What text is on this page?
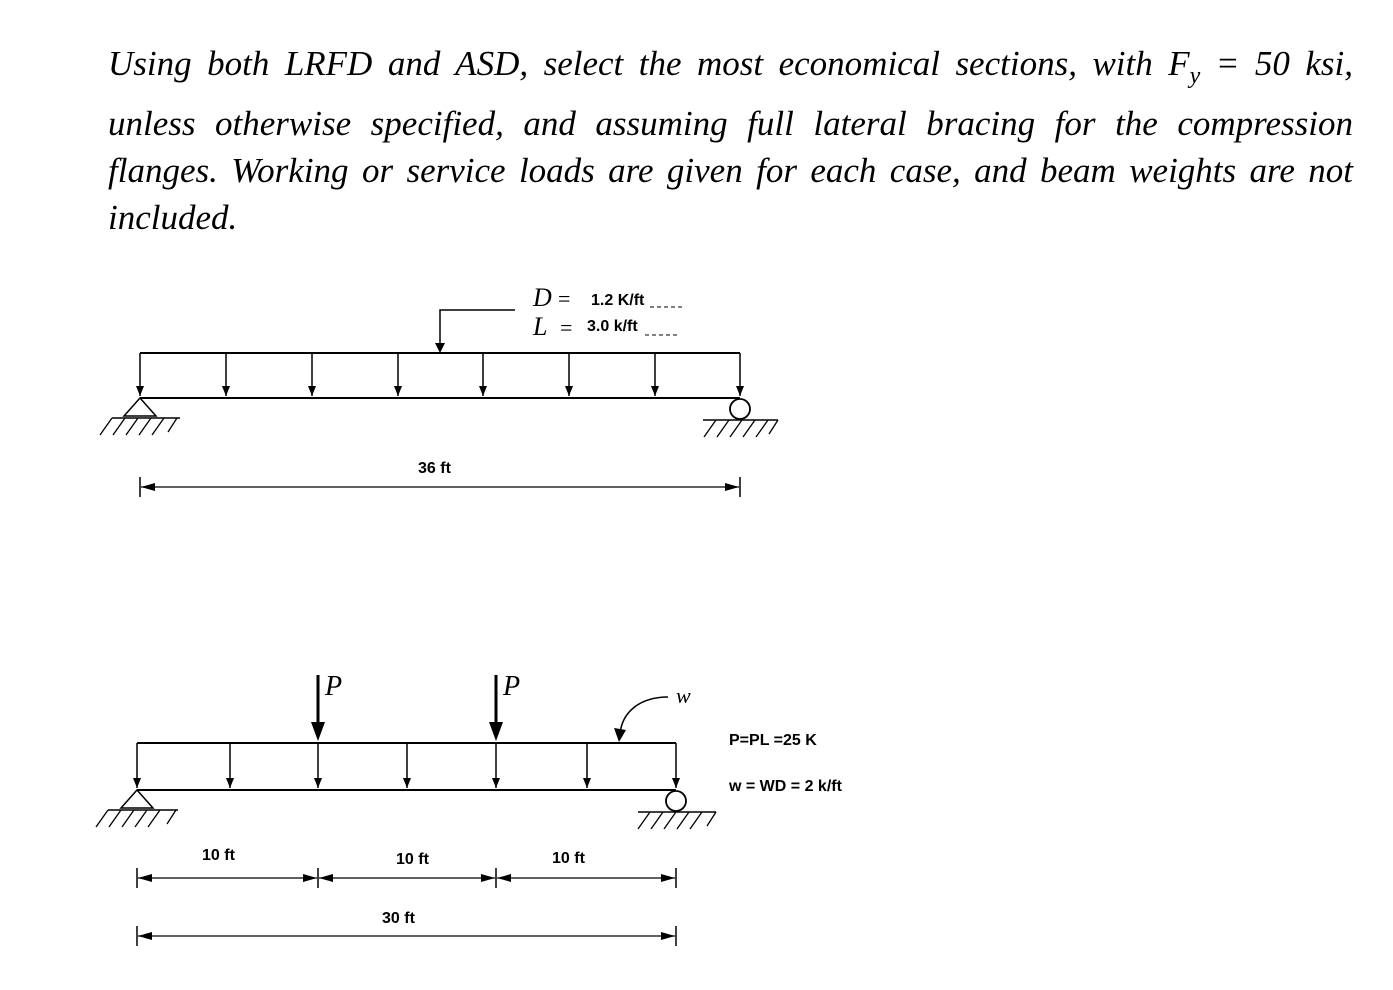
Using both LRFD and ASD, select the most economical sections, with $F_y = 50$ ksi,
unless otherwise specified, and assuming full lateral bracing for the compression
flanges. Working or service loads are given for each case, and beam weights are not
included.
D = 1.2 K/ft
L = 3.0 k/ft
36 ft
P	P	w
10 ft	10 ft	10 ft
30 ft
P=PL =25 K
w = WD = 2 k/ft
